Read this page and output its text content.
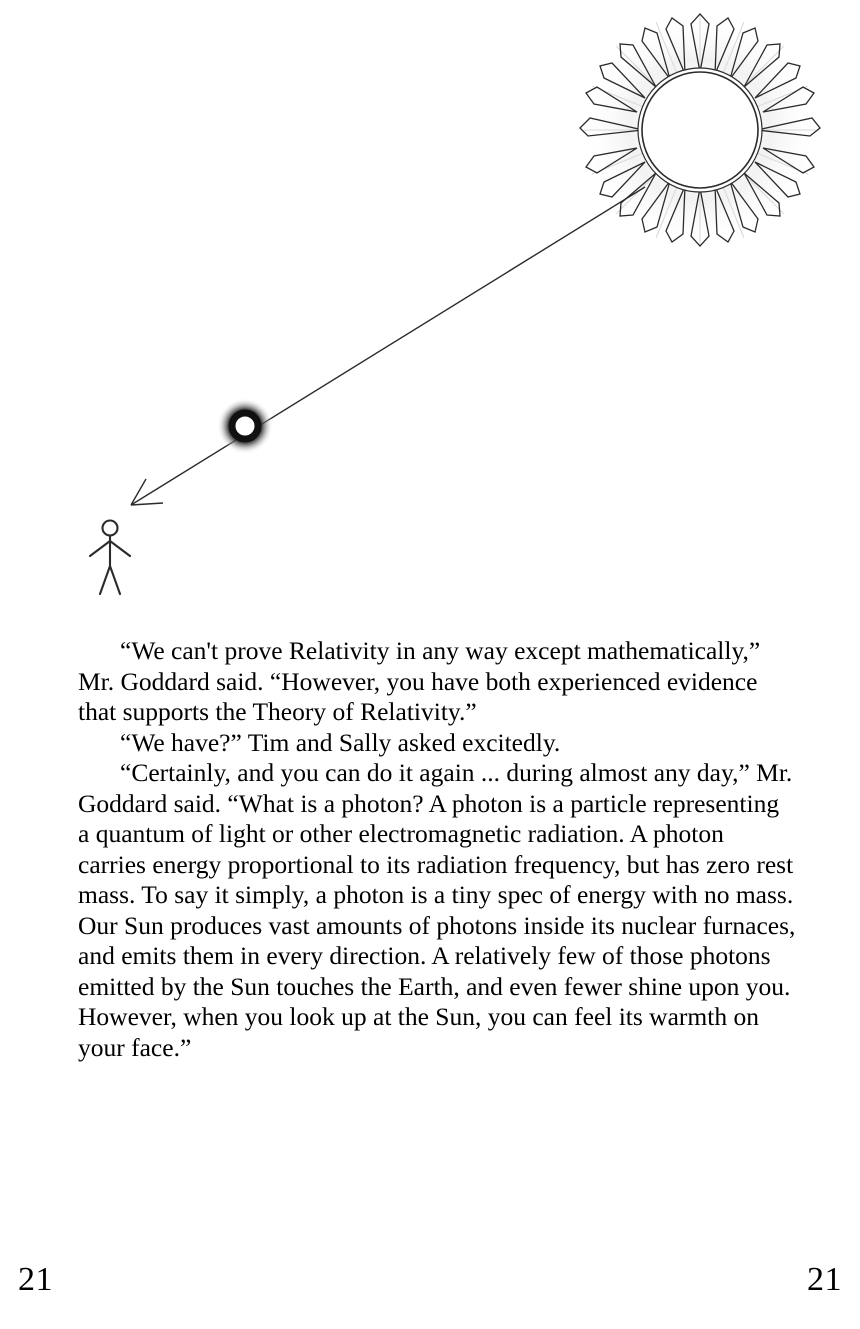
“We can't prove Relativity in any way except mathematically,” Mr. Goddard said. “However, you have both experienced evidence that supports the Theory of Relativity.”

“We have?” Tim and Sally asked excitedly.

“Certainly, and you can do it again ... during almost any day,” Mr. Goddard said. “What is a photon? A photon is a particle representing a quantum of light or other electromagnetic radiation. A photon carries energy proportional to its radiation frequency, but has zero rest mass. To say it simply, a photon is a tiny spec of energy with no mass. Our Sun produces vast amounts of photons inside its nuclear furnaces, and emits them in every direction. A relatively few of those photons emitted by the Sun touches the Earth, and even fewer shine upon you. However, when you look up at the Sun, you can feel its warmth on your face.”

21	21
